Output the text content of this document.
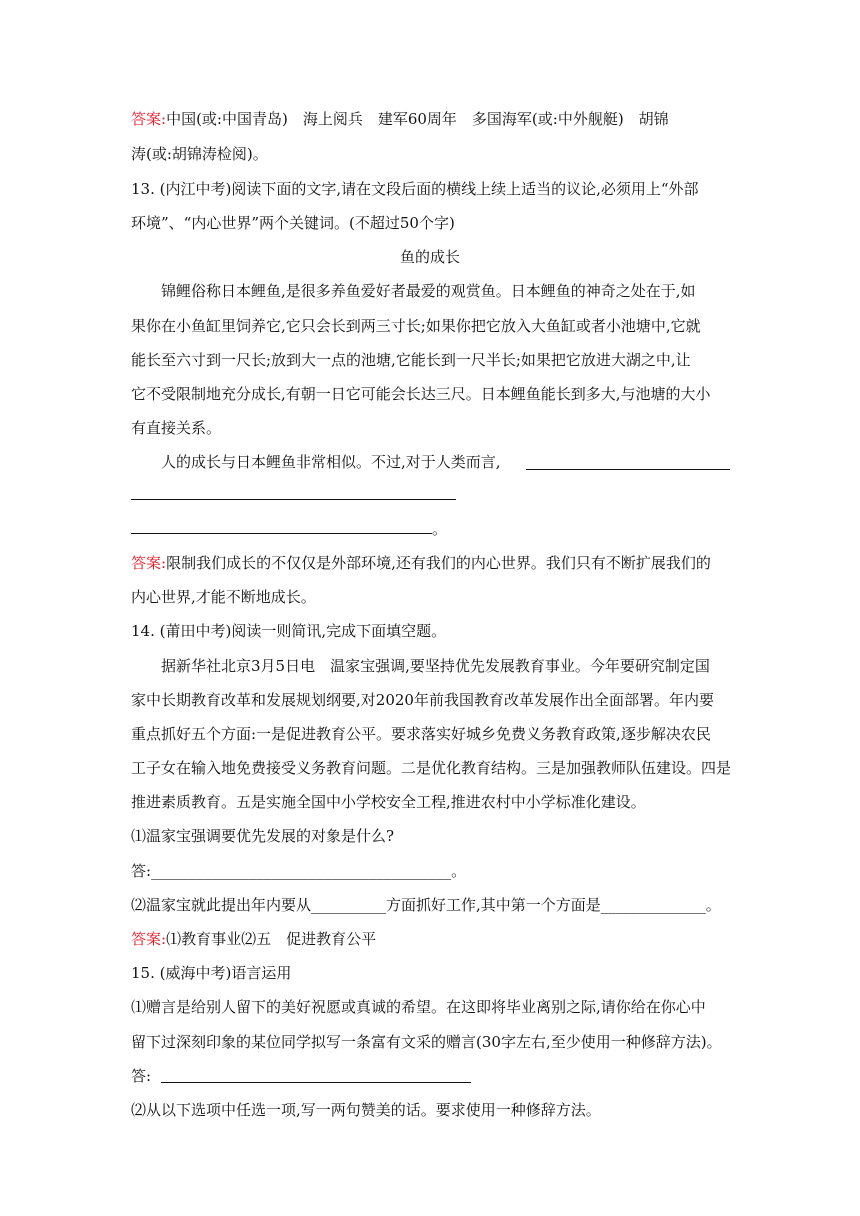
答案:中国(或:中国青岛)　海上阅兵　建军60周年　多国海军(或:中外舰艇)　胡锦
涛(或:胡锦涛检阅)。
13. (内江中考)阅读下面的文字,请在文段后面的横线上续上适当的议论,必须用上“外部
环境”、“内心世界”两个关键词。(不超过50个字)
鱼的成长
锦鲤俗称日本鲤鱼,是很多养鱼爱好者最爱的观赏鱼。日本鲤鱼的神奇之处在于,如
果你在小鱼缸里饲养它,它只会长到两三寸长;如果你把它放入大鱼缸或者小池塘中,它就
能长至六寸到一尺长;放到大一点的池塘,它能长到一尺半长;如果把它放进大湖之中,让
它不受限制地充分成长,有朝一日它可能会长达三尺。日本鲤鱼能长到多大,与池塘的大小
有直接关系。
人的成长与日本鲤鱼非常相似。不过,对于人类而言,
。
答案:限制我们成长的不仅仅是外部环境,还有我们的内心世界。我们只有不断扩展我们的
内心世界,才能不断地成长。
14. (莆田中考)阅读一则简讯,完成下面填空题。
据新华社北京3月5日电　温家宝强调,要坚持优先发展教育事业。今年要研究制定国
家中长期教育改革和发展规划纲要,对2020年前我国教育改革发展作出全面部署。年内要
重点抓好五个方面:一是促进教育公平。要求落实好城乡免费义务教育政策,逐步解决农民
工子女在输入地免费接受义务教育问题。二是优化教育结构。三是加强教师队伍建设。四是
推进素质教育。五是实施全国中小学校安全工程,推进农村中小学标准化建设。
⑴温家宝强调要优先发展的对象是什么?
答:________________________________________。
⑵温家宝就此提出年内要从__________方面抓好工作,其中第一个方面是______________。
答案:⑴教育事业⑵五　促进教育公平
15. (威海中考)语言运用
⑴赠言是给别人留下的美好祝愿或真诚的希望。在这即将毕业离别之际,请你给在你心中
留下过深刻印象的某位同学拟写一条富有文采的赠言(30字左右,至少使用一种修辞方法)。
答:
⑵从以下选项中任选一项,写一两句赞美的话。要求使用一种修辞方法。
